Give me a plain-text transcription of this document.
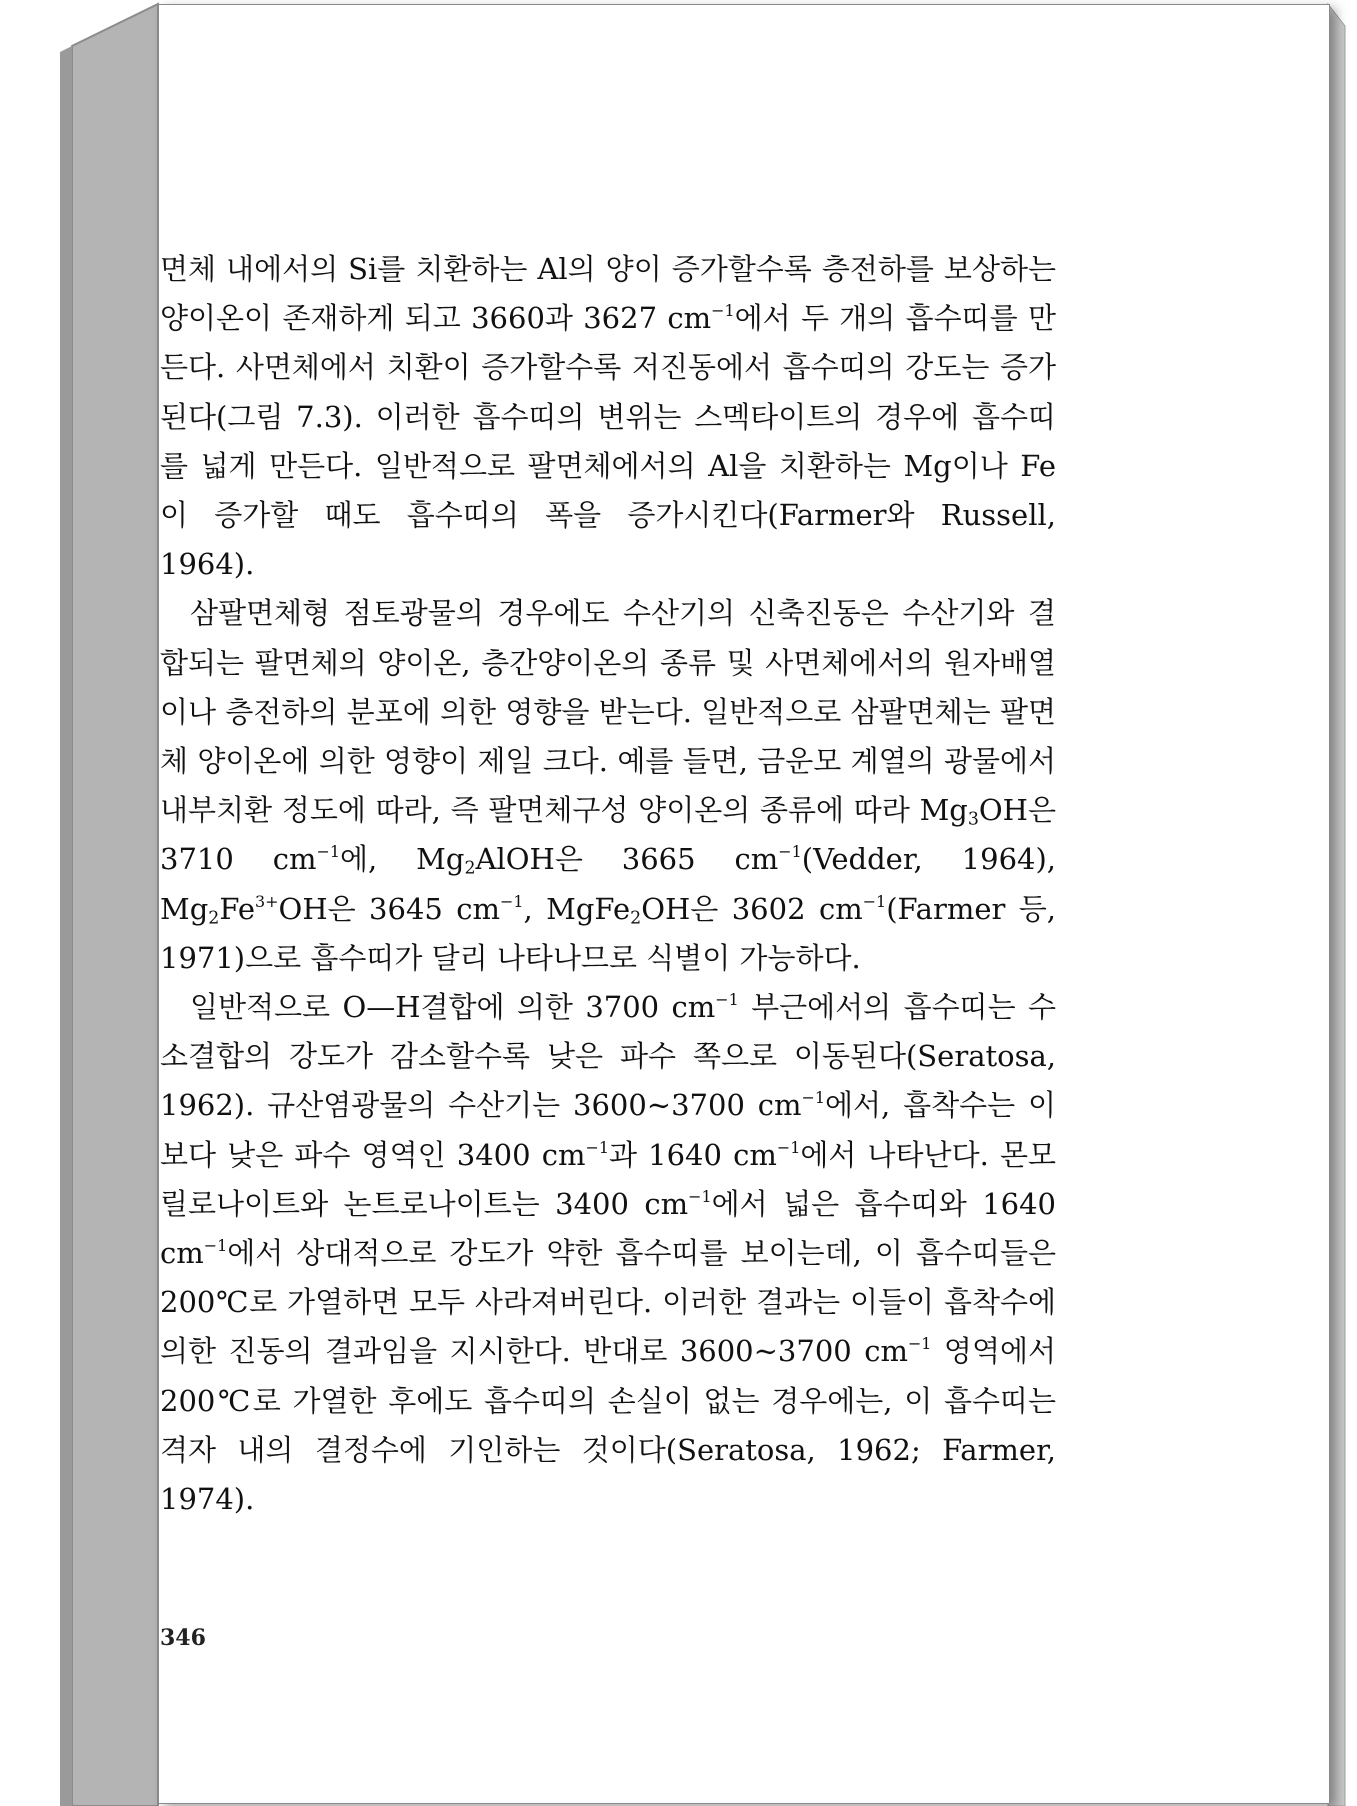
면체 내에서의 Si를 치환하는 Al의 양이 증가할수록 층전하를 보상하는 양이온이 존재하게 되고 3660과 3627 $cm^{-1}$에서 두 개의 흡수띠를 만든다. 사면체에서 치환이 증가할수록 저진동에서 흡수띠의 강도는 증가된다(그림 7.3). 이러한 흡수띠의 변위는 스멕타이트의 경우에 흡수띠를 넓게 만든다. 일반적으로 팔면체에서의 Al을 치환하는 Mg이나 Fe이 증가할 때도 흡수띠의 폭을 증가시킨다(Farmer와 Russell, 1964).

삼팔면체형 점토광물의 경우에도 수산기의 신축진동은 수산기와 결합되는 팔면체의 양이온, 층간양이온의 종류 및 사면체에서의 원자배열이나 층전하의 분포에 의한 영향을 받는다. 일반적으로 삼팔면체는 팔면체 양이온에 의한 영향이 제일 크다. 예를 들면, 금운모 계열의 광물에서 내부치환 정도에 따라, 즉 팔면체구성 양이온의 종류에 따라 $Mg_3OH$은 3710 $cm^{-1}$에, $Mg_2AlOH$은 3665 $cm^{-1}(Vedder$, 1964), $Mg_2Fe^{3+}OH$은 3645 $cm^{-1}$, MgFe$_2$OH은 3602 $cm^{-1}(Farmer$ 등, 1971)으로 흡수띠가 달리 나타나므로 식별이 가능하다.

일반적으로 O—H결합에 의한 3700 $cm^{-1}$ 부근에서의 흡수띠는 수소결합의 강도가 감소할수록 낮은 파수 쪽으로 이동된다(Seratosa, 1962). 규산염광물의 수산기는 3600∼3700 $cm^{-1}$에서, 흡착수는 이보다 낮은 파수 영역인 3400 $cm^{-1}$과 1640 $cm^{-1}$에서 나타난다. 몬모릴로나이트와 논트로나이트는 3400 $cm^{-1}$에서 넓은 흡수띠와 1640 $cm^{-1}$에서 상대적으로 강도가 약한 흡수띠를 보이는데, 이 흡수띠들은 200℃로 가열하면 모두 사라져버린다. 이러한 결과는 이들이 흡착수에 의한 진동의 결과임을 지시한다. 반대로 3600∼3700 $cm^{-1}$ 영역에서 200℃로 가열한 후에도 흡수띠의 손실이 없는 경우에는, 이 흡수띠는 격자 내의 결정수에 기인하는 것이다(Seratosa, 1962; Farmer, 1974).

346
